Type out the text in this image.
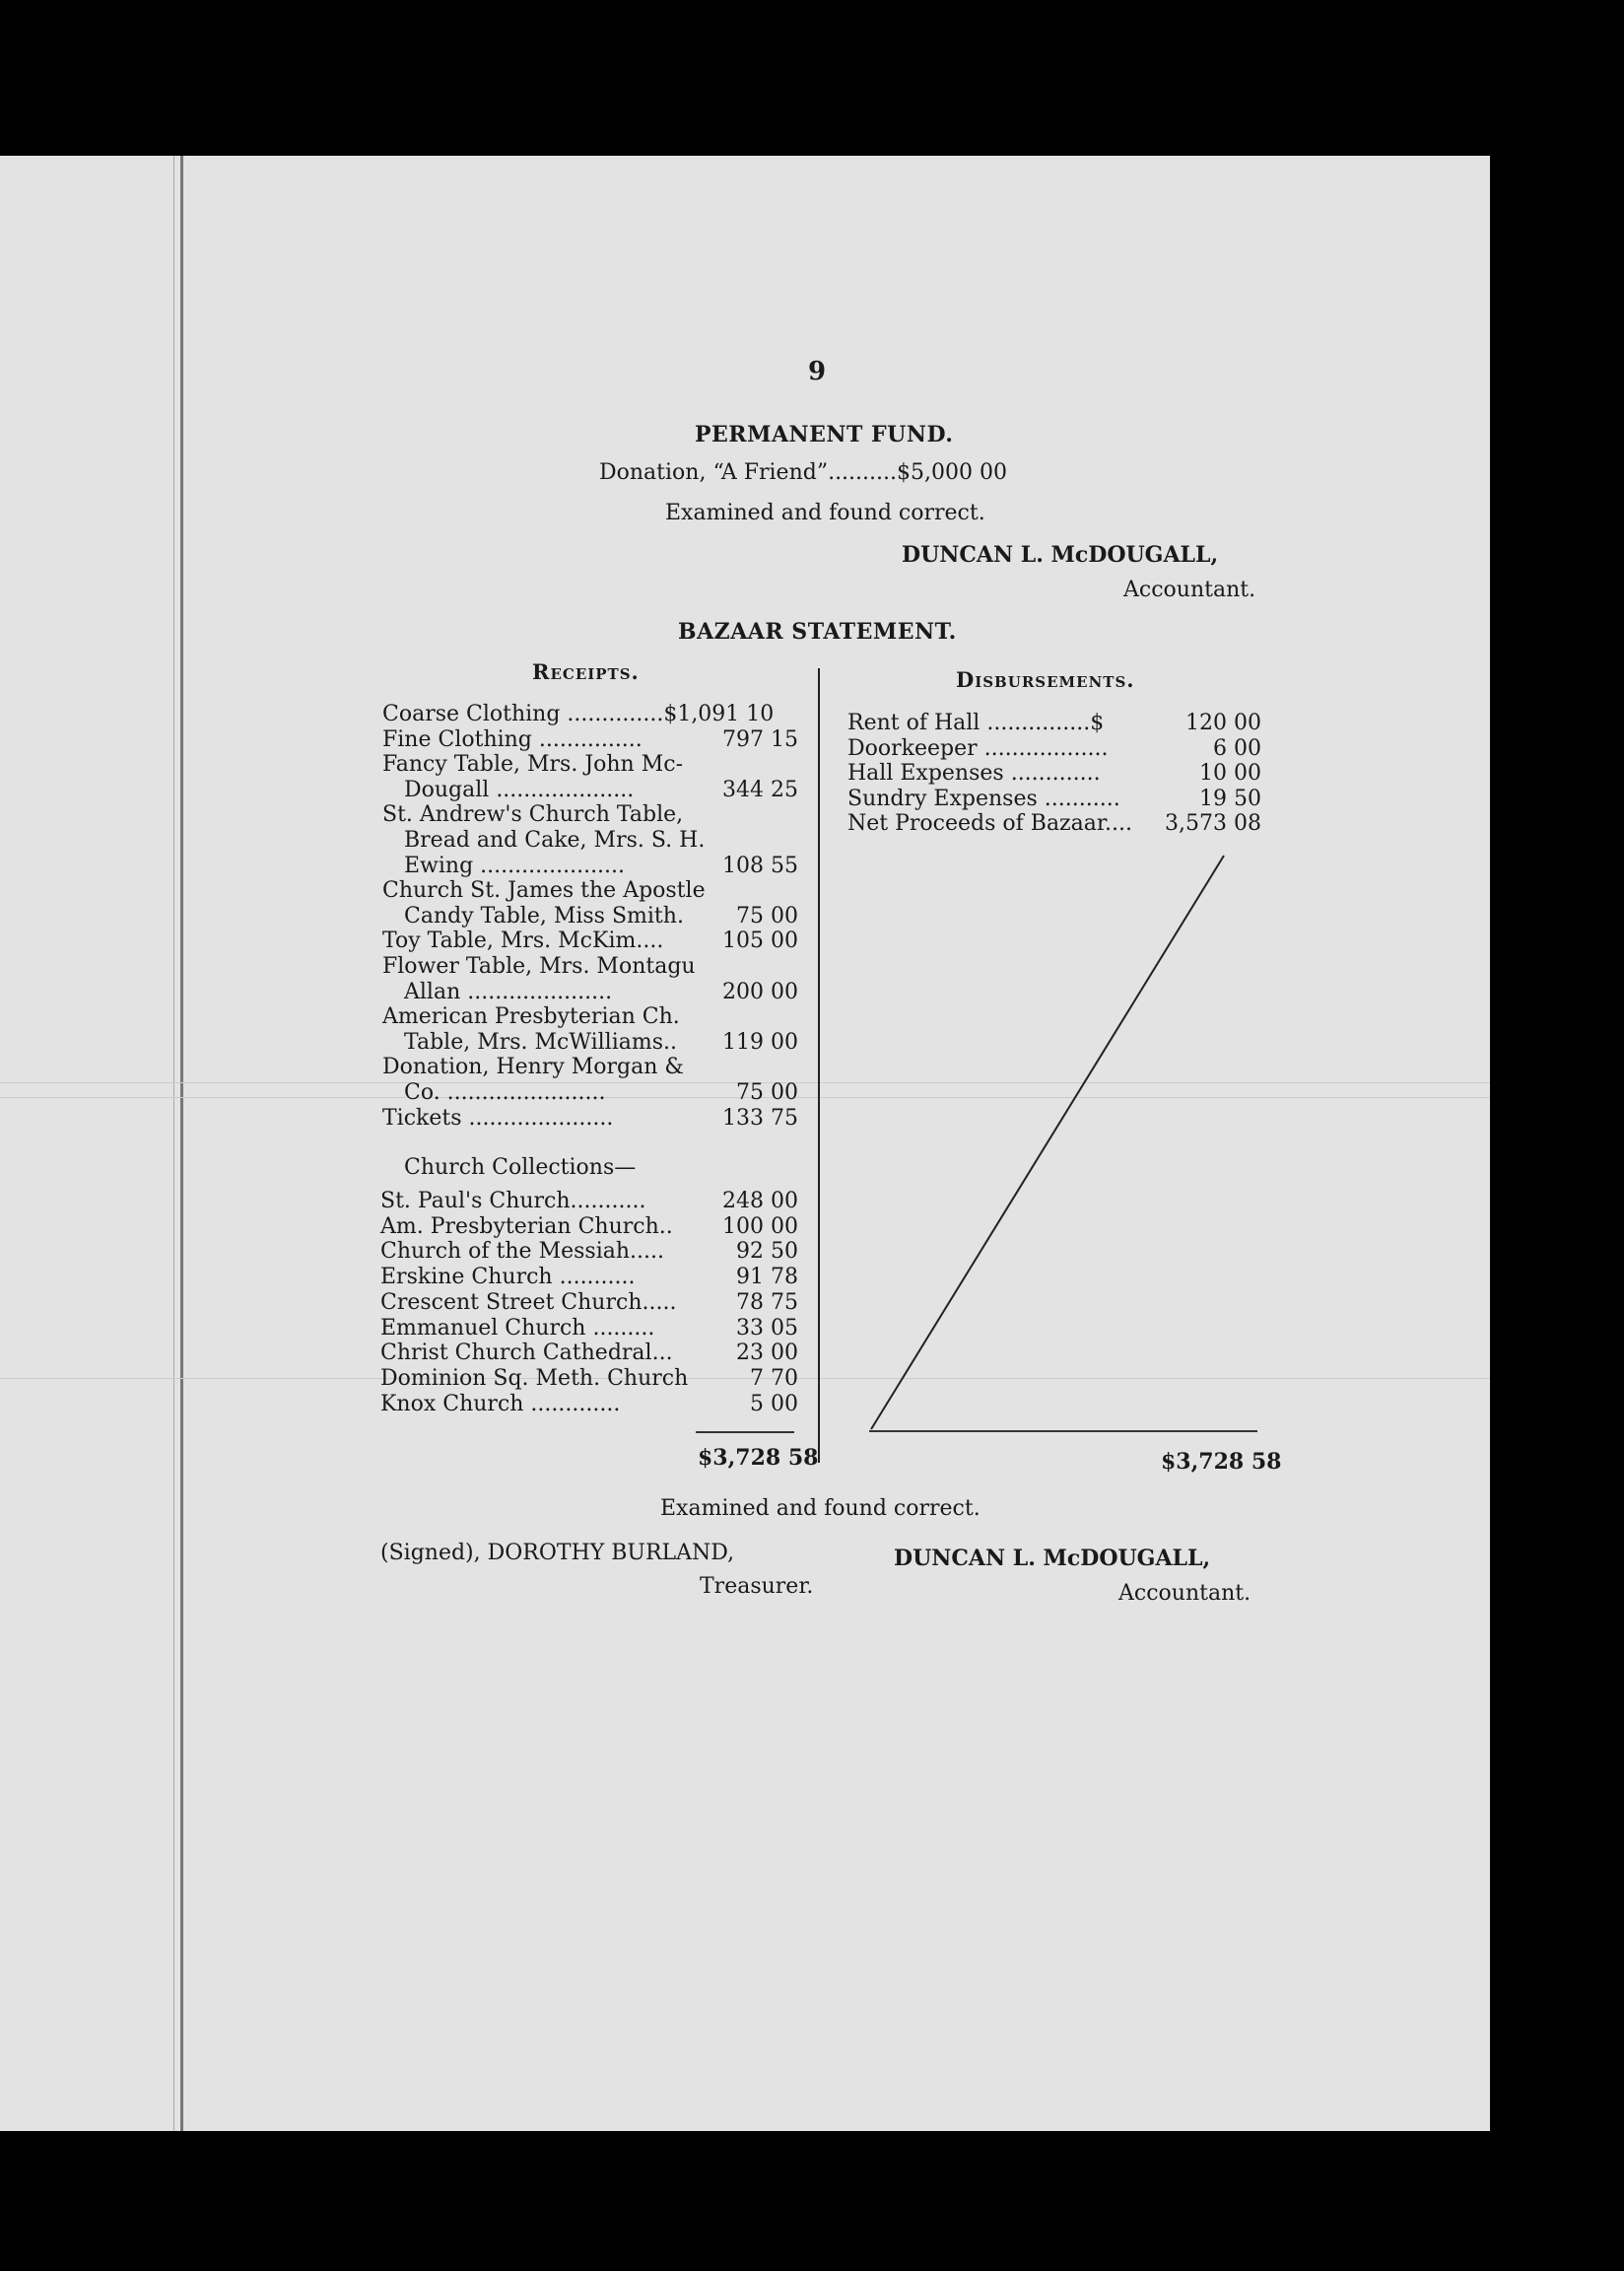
9
PERMANENT FUND.
Donation, “A Friend”..........$5,000 00
Examined and found correct.
DUNCAN L. McDOUGALL,
Accountant.
BAZAAR STATEMENT.
Receipts.	Disbursements.
Coarse Clothing ..............$1,091 10
Fine Clothing ...............	797 15
Fancy Table, Mrs. John Mc-
Dougall ....................	344 25
St. Andrew's Church Table,
Bread and Cake, Mrs. S. H.
Ewing .....................	108 55
Church St. James the Apostle
Candy Table, Miss Smith.	75 00
Toy Table, Mrs. McKim....	105 00
Flower Table, Mrs. Montagu
Allan .....................	200 00
American Presbyterian Ch.
Table, Mrs. McWilliams..	119 00
Donation, Henry Morgan &
Co. .......................	75 00
Tickets .....................	133 75
Church Collections—
St. Paul's Church...........	248 00
Am. Presbyterian Church..	100 00
Church of the Messiah.....	92 50
Erskine Church ...........	91 78
Crescent Street Church.....	78 75
Emmanuel Church .........	33 05
Christ Church Cathedral...	23 00
Dominion Sq. Meth. Church	7 70
Knox Church .............	5 00
$3,728 58
Rent of Hall ...............$	120 00
Doorkeeper ..................	6 00
Hall Expenses .............	10 00
Sundry Expenses ...........	19 50
Net Proceeds of Bazaar....	3,573 08
$3,728 58
Examined and found correct.
(Signed), DOROTHY BURLAND,
Treasurer.
DUNCAN L. McDOUGALL,
Accountant.
